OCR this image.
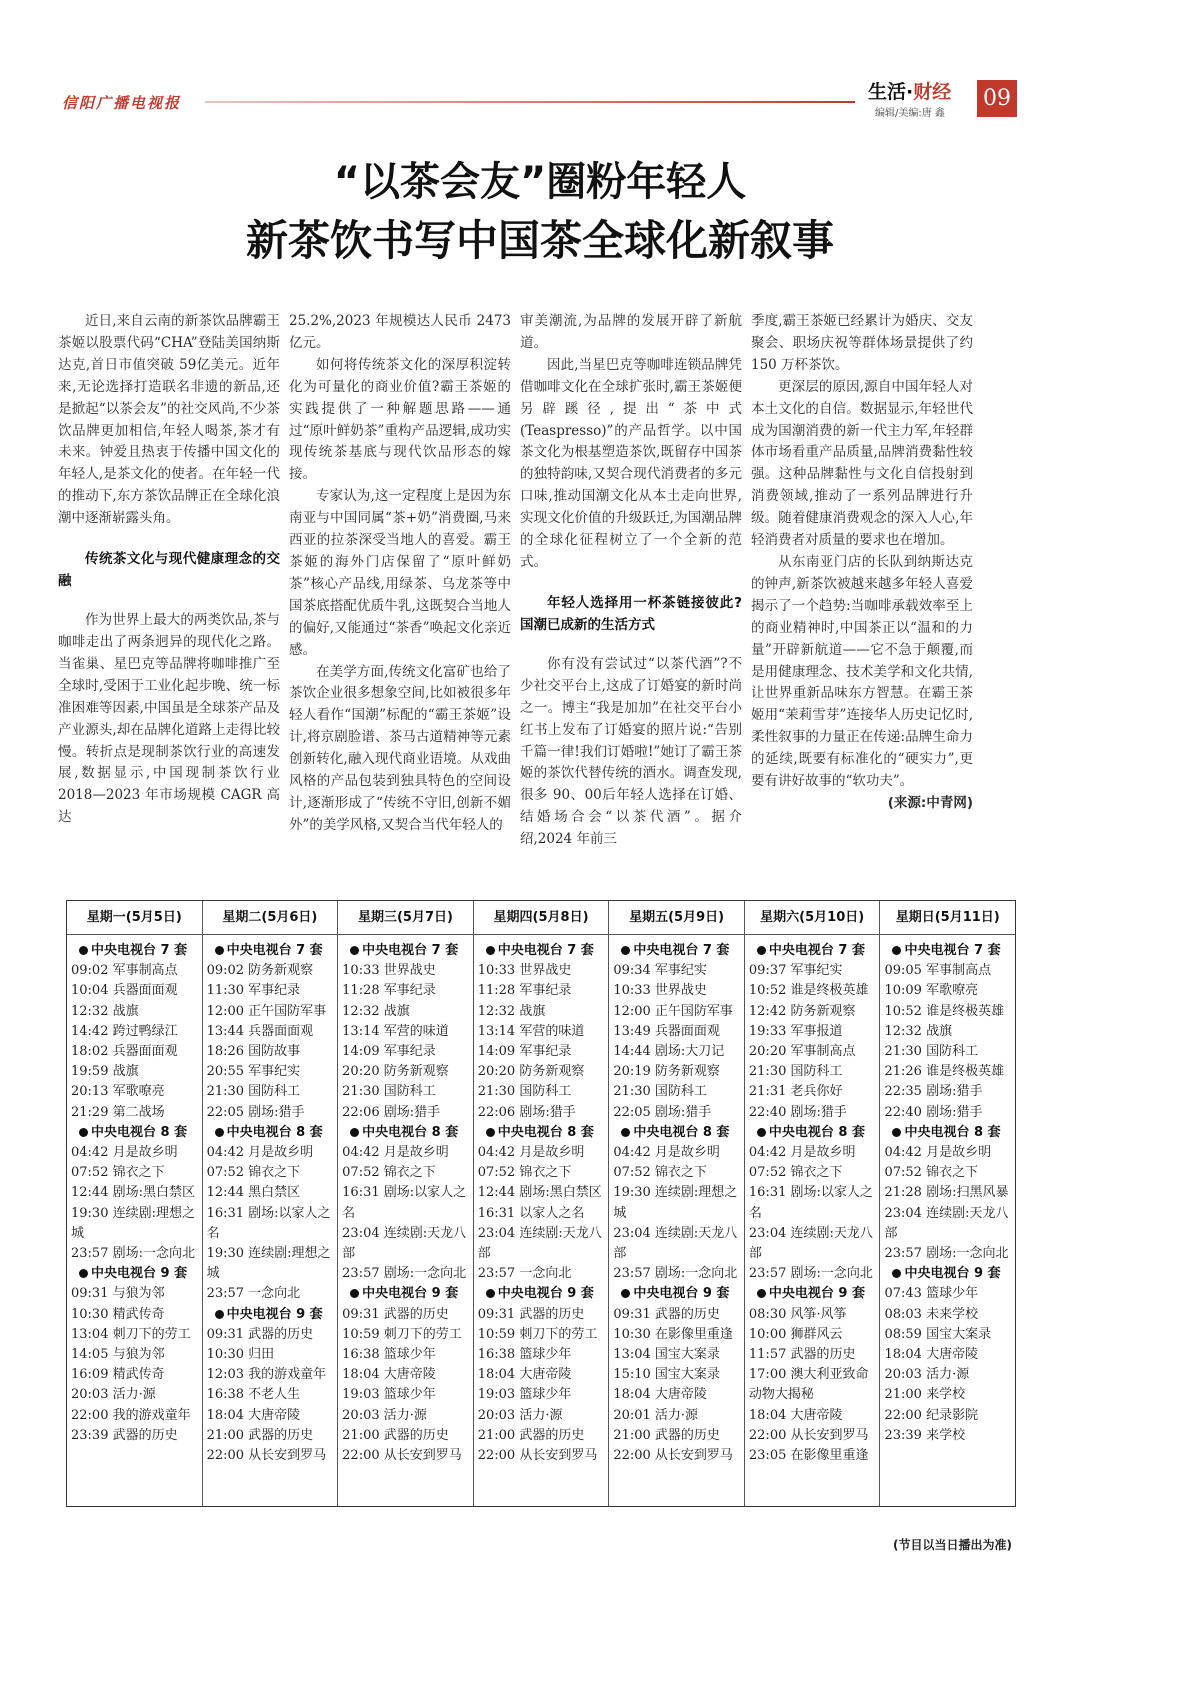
信阳广播电视报	生活·财经
编辑/美编:唐 鑫
09
“以茶会友”圈粉年轻人
新茶饮书写中国茶全球化新叙事

近日,来自云南的新茶饮品牌霸王茶姬以股票代码“CHA”登陆美国纳斯达克,首日市值突破 59亿美元。近年来,无论选择打造联名非遗的新品,还是掀起“以茶会友”的社交风尚,不少茶饮品牌更加相信,年轻人喝茶,茶才有未来。钟爱且热衷于传播中国文化的年轻人,是茶文化的使者。在年轻一代的推动下,东方茶饮品牌正在全球化浪潮中逐渐崭露头角。

传统茶文化与现代健康理念的交融

作为世界上最大的两类饮品,茶与咖啡走出了两条迥异的现代化之路。当雀巢、星巴克等品牌将咖啡推广至全球时,受困于工业化起步晚、统一标准困难等因素,中国虽是全球茶产品及产业源头,却在品牌化道路上走得比较慢。转折点是现制茶饮行业的高速发展,数据显示,中国现制茶饮行业 2018—2023 年市场规模 CAGR 高达

25.2%,2023 年规模达人民币 2473亿元。

如何将传统茶文化的深厚积淀转化为可量化的商业价值?霸王茶姬的实践提供了一种解题思路——通过“原叶鲜奶茶”重构产品逻辑,成功实现传统茶基底与现代饮品形态的嫁接。

专家认为,这一定程度上是因为东南亚与中国同属“茶+奶”消费圈,马来西亚的拉茶深受当地人的喜爱。霸王茶姬的海外门店保留了“原叶鲜奶茶”核心产品线,用绿茶、乌龙茶等中国茶底搭配优质牛乳,这既契合当地人的偏好,又能通过“茶香”唤起文化亲近感。

在美学方面,传统文化富矿也给了茶饮企业很多想象空间,比如被很多年轻人看作“国潮”标配的“霸王茶姬”设计,将京剧脸谱、茶马古道精神等元素创新转化,融入现代商业语境。从戏曲风格的产品包装到独具特色的空间设计,逐渐形成了“传统不守旧,创新不媚外”的美学风格,又契合当代年轻人的

审美潮流,为品牌的发展开辟了新航道。

因此,当星巴克等咖啡连锁品牌凭借咖啡文化在全球扩张时,霸王茶姬便另辟蹊径,提出“茶中式(Teaspresso)”的产品哲学。以中国茶文化为根基塑造茶饮,既留存中国茶的独特韵味,又契合现代消费者的多元口味,推动国潮文化从本土走向世界,实现文化价值的升级跃迁,为国潮品牌的全球化征程树立了一个全新的范式。

年轻人选择用一杯茶链接彼此?国潮已成新的生活方式

你有没有尝试过“以茶代酒”?不少社交平台上,这成了订婚宴的新时尚之一。博主“我是加加”在社交平台小红书上发布了订婚宴的照片说:“告别千篇一律!我们订婚啦!”她订了霸王茶姬的茶饮代替传统的酒水。调查发现,很多 90、00后年轻人选择在订婚、结婚场合会“以茶代酒”。据介绍,2024 年前三

季度,霸王茶姬已经累计为婚庆、交友聚会、职场庆祝等群体场景提供了约 150 万杯茶饮。

更深层的原因,源自中国年轻人对本土文化的自信。数据显示,年轻世代成为国潮消费的新一代主力军,年轻群体市场看重产品质量,品牌消费黏性较强。这种品牌黏性与文化自信投射到消费领域,推动了一系列品牌进行升级。随着健康消费观念的深入人心,年轻消费者对质量的要求也在增加。

从东南亚门店的长队到纳斯达克的钟声,新茶饮被越来越多年轻人喜爱揭示了一个趋势:当咖啡承载效率至上的商业精神时,中国茶正以“温和的力量”开辟新航道——它不急于颠覆,而是用健康理念、技术美学和文化共情,让世界重新品味东方智慧。在霸王茶姬用“茉莉雪芽”连接华人历史记忆时,柔性叙事的力量正在传递:品牌生命力的延续,既要有标准化的“硬实力”,更要有讲好故事的“软功夫”。

(来源:中青网)
星期一(5月5日)
中央电视台 7 套
09:02 军事制高点
10:04 兵器面面观
12:32 战旗
14:42 跨过鸭绿江
18:02 兵器面面观
19:59 战旗
20:13 军歌嘹亮
21:29 第二战场
中央电视台 8 套
04:42 月是故乡明
07:52 锦衣之下
12:44 剧场:黑白禁区
19:30 连续剧:理想之城
23:57 剧场:一念向北
中央电视台 9 套
09:31 与狼为邻
10:30 精武传奇
13:04 刺刀下的劳工
14:05 与狼为邻
16:09 精武传奇
20:03 活力·源
22:00 我的游戏童年
23:39 武器的历史
星期二(5月6日)
中央电视台 7 套
09:02 防务新观察
11:30 军事纪录
12:00 正午国防军事
13:44 兵器面面观
18:26 国防故事
20:55 军事纪实
21:30 国防科工
22:05 剧场:猎手
中央电视台 8 套
04:42 月是故乡明
07:52 锦衣之下
12:44 黑白禁区
16:31 剧场:以家人之名
19:30 连续剧:理想之城
23:57 一念向北
中央电视台 9 套
09:31 武器的历史
10:30 归田
12:03 我的游戏童年
16:38 不老人生
18:04 大唐帝陵
21:00 武器的历史
22:00 从长安到罗马
星期三(5月7日)
中央电视台 7 套
10:33 世界战史
11:28 军事纪录
12:32 战旗
13:14 军营的味道
14:09 军事纪录
20:20 防务新观察
21:30 国防科工
22:06 剧场:猎手
中央电视台 8 套
04:42 月是故乡明
07:52 锦衣之下
16:31 剧场:以家人之名
23:04 连续剧:天龙八部
23:57 剧场:一念向北
中央电视台 9 套
09:31 武器的历史
10:59 刺刀下的劳工
16:38 篮球少年
18:04 大唐帝陵
19:03 篮球少年
20:03 活力·源
21:00 武器的历史
22:00 从长安到罗马
星期四(5月8日)
中央电视台 7 套
10:33 世界战史
11:28 军事纪录
12:32 战旗
13:14 军营的味道
14:09 军事纪录
20:20 防务新观察
21:30 国防科工
22:06 剧场:猎手
中央电视台 8 套
04:42 月是故乡明
07:52 锦衣之下
12:44 剧场:黑白禁区
16:31 以家人之名
23:04 连续剧:天龙八部
23:57 一念向北
中央电视台 9 套
09:31 武器的历史
10:59 刺刀下的劳工
16:38 篮球少年
18:04 大唐帝陵
19:03 篮球少年
20:03 活力·源
21:00 武器的历史
22:00 从长安到罗马
星期五(5月9日)
中央电视台 7 套
09:34 军事纪实
10:33 世界战史
12:00 正午国防军事
13:49 兵器面面观
14:44 剧场:大刀记
20:19 防务新观察
21:30 国防科工
22:05 剧场:猎手
中央电视台 8 套
04:42 月是故乡明
07:52 锦衣之下
19:30 连续剧:理想之城
23:04 连续剧:天龙八部
23:57 剧场:一念向北
中央电视台 9 套
09:31 武器的历史
10:30 在影像里重逢
13:04 国宝大案录
15:10 国宝大案录
18:04 大唐帝陵
20:01 活力·源
21:00 武器的历史
22:00 从长安到罗马
星期六(5月10日)
中央电视台 7 套
09:37 军事纪实
10:52 谁是终极英雄
12:42 防务新观察
19:33 军事报道
20:20 军事制高点
21:30 国防科工
21:31 老兵你好
22:40 剧场:猎手
中央电视台 8 套
04:42 月是故乡明
07:52 锦衣之下
16:31 剧场:以家人之名
23:04 连续剧:天龙八部
23:57 剧场:一念向北
中央电视台 9 套
08:30 风筝·风筝
10:00 狮群风云
11:57 武器的历史
17:00 澳大利亚致命动物大揭秘
18:04 大唐帝陵
22:00 从长安到罗马
23:05 在影像里重逢
星期日(5月11日)
中央电视台 7 套
09:05 军事制高点
10:09 军歌嘹亮
10:52 谁是终极英雄
12:32 战旗
21:30 国防科工
21:26 谁是终极英雄
22:35 剧场:猎手
22:40 剧场:猎手
中央电视台 8 套
04:42 月是故乡明
07:52 锦衣之下
21:28 剧场:扫黑风暴
23:04 连续剧:天龙八部
23:57 剧场:一念向北
中央电视台 9 套
07:43 篮球少年
08:03 未来学校
08:59 国宝大案录
18:04 大唐帝陵
20:03 活力·源
21:00 来学校
22:00 纪录影院
23:39 来学校
(节目以当日播出为准)
